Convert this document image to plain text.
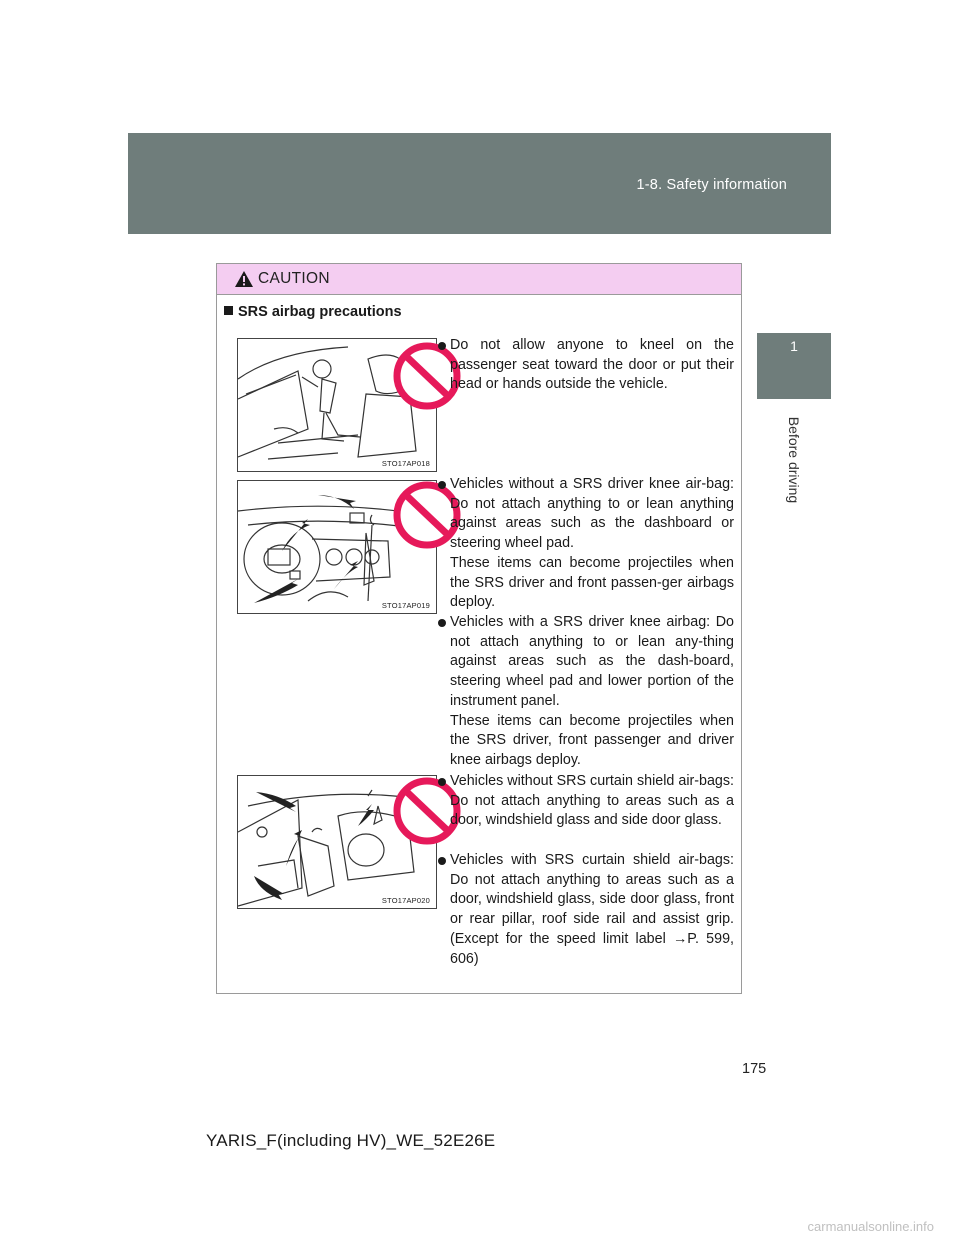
1-8. Safety information
1
Before driving
CAUTION
SRS airbag precautions
STO17AP018
STO17AP019
STO17AP020

Do not allow anyone to kneel on the passenger seat toward the door or put their head or hands outside the vehicle.

Vehicles without a SRS driver knee air-bag: Do not attach anything to or lean anything against areas such as the dashboard or steering wheel pad.

These items can become projectiles when the SRS driver and front passen-ger airbags deploy.

Vehicles with a SRS driver knee airbag: Do not attach anything to or lean any-thing against areas such as the dash-board, steering wheel pad and lower portion of the instrument panel.

These items can become projectiles when the SRS driver, front passenger and driver knee airbags deploy.

Vehicles without SRS curtain shield air-bags: Do not attach anything to areas such as a door, windshield glass and side door glass.

Vehicles with SRS curtain shield air-bags: Do not attach anything to areas such as a door, windshield glass, side door glass, front or rear pillar, roof side rail and assist grip. (Except for the speed limit label →P. 599, 606)

175
YARIS_F(including HV)_WE_52E26E
carmanualsonline.info
